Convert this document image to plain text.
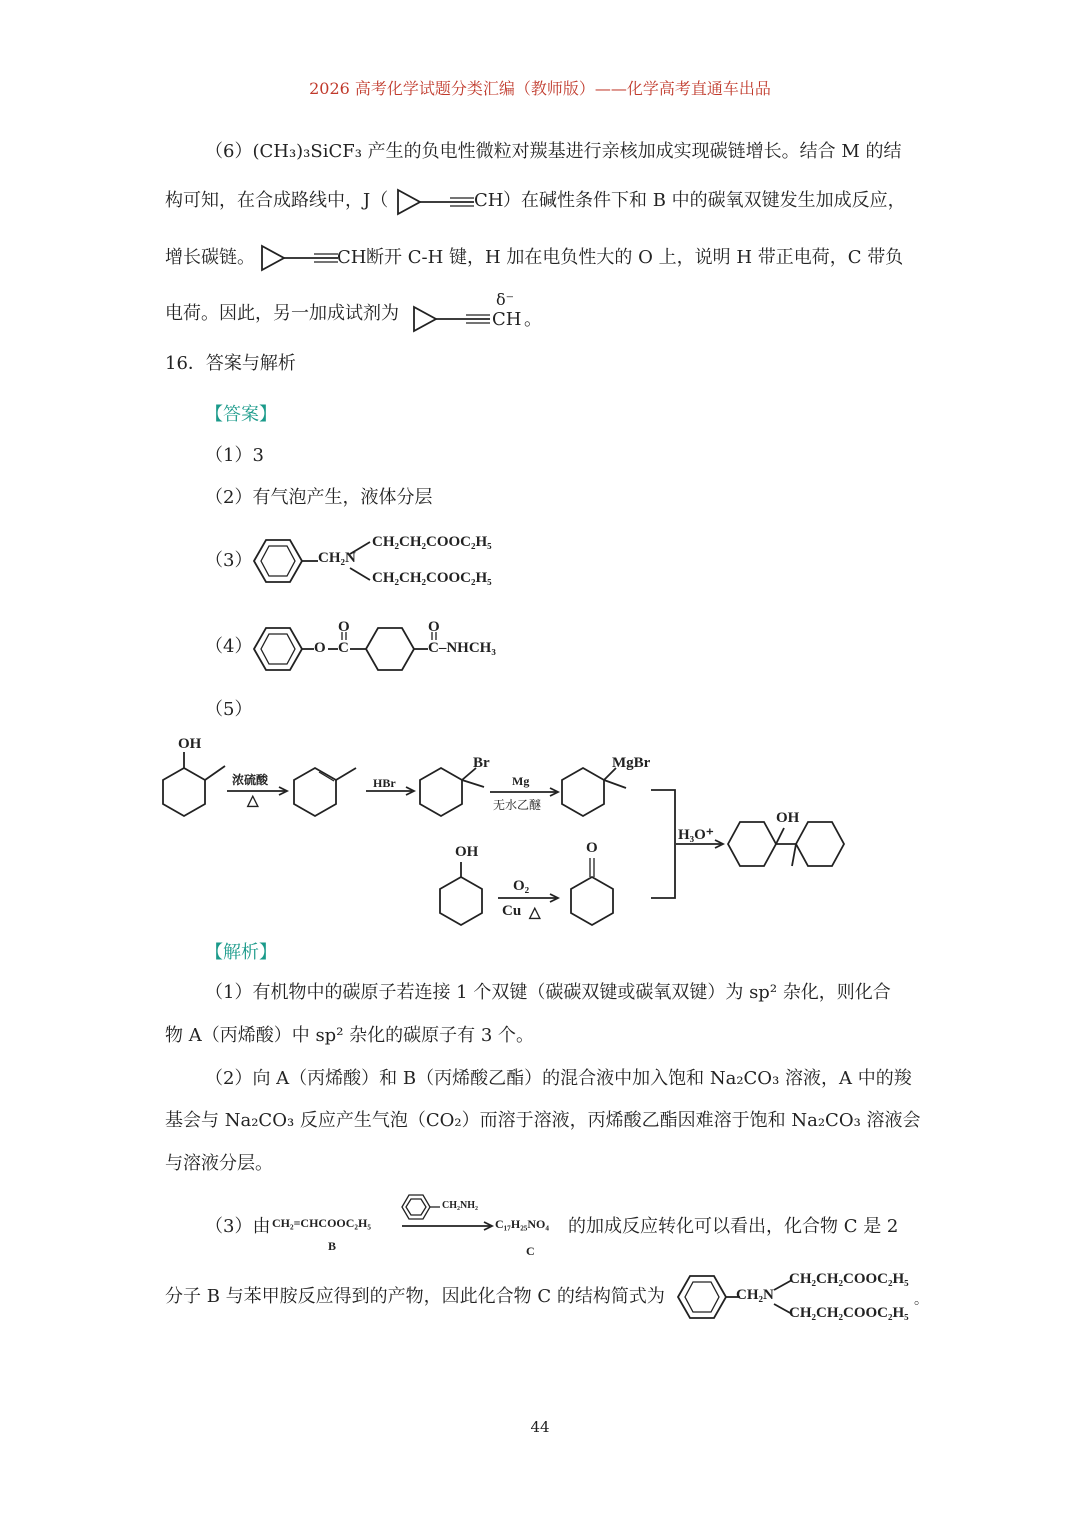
2026 高考化学试题分类汇编（教师版）——化学高考直通车出品
（6）(CH₃)₃SiCF₃ 产生的负电性微粒对羰基进行亲核加成实现碳链增长。结合 M 的结
构可知，在合成路线中，J（	CH ）在碱性条件下和 B 中的碳氧双键发生加成反应，
增长碳链。	CH 断开 C-H 键，H 加在电负性大的 O 上，说明 H 带正电荷，C 带负
电荷。因此，另一加成试剂为
δ⁻
CH 。
16．答案与解析
【答案】
（1）3
（2）有气泡产生，液体分层
（3）	CH₂N
CH₂CH₂COOC₂H₅
CH₂CH₂COOC₂H₅
（4）	O
O
C
O
C–NHCH₃
（5）
OH
浓硫酸
△
HBr
Br
Mg
无水乙醚
MgBr
H₃O⁺
OH
OH
O₂
Cu △
O
【解析】
（1）有机物中的碳原子若连接 1 个双键（碳碳双键或碳氧双键）为 sp² 杂化，则化合
物 A（丙烯酸）中 sp² 杂化的碳原子有 3 个。
（2）向 A（丙烯酸）和 B（丙烯酸乙酯）的混合液中加入饱和 Na₂CO₃ 溶液，A 中的羧
基会与 Na₂CO₃ 反应产生气泡（CO₂）而溶于溶液，丙烯酸乙酯因难溶于饱和 Na₂CO₃ 溶液会
与溶液分层。
（3）由 CH₂=CHCOOC₂H₅
B
CH₂NH₂
C₁₇H₂₅NO₄
C
的加成反应转化可以看出，化合物 C 是 2
分子 B 与苯甲胺反应得到的产物，因此化合物 C 的结构简式为	CH₂N
CH₂CH₂COOC₂H₅
CH₂CH₂COOC₂H₅
。
44
